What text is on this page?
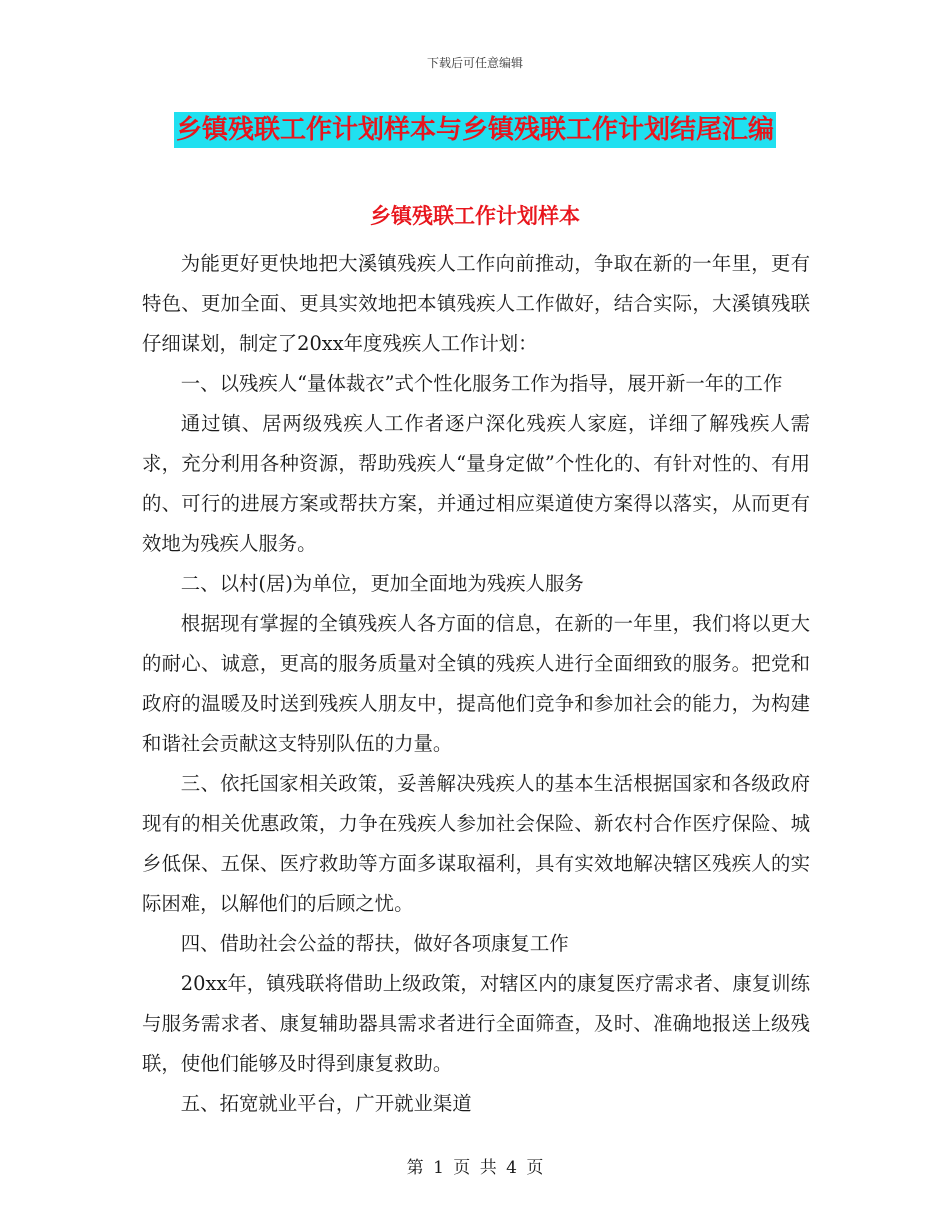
下载后可任意编辑
乡镇残联工作计划样本与乡镇残联工作计划结尾汇编
乡镇残联工作计划样本

为能更好更快地把大溪镇残疾人工作向前推动，争取在新的一年里，更有特色、更加全面、更具实效地把本镇残疾人工作做好，结合实际，大溪镇残联仔细谋划，制定了20xx年度残疾人工作计划：

一、以残疾人“量体裁衣”式个性化服务工作为指导，展开新一年的工作

通过镇、居两级残疾人工作者逐户深化残疾人家庭，详细了解残疾人需求，充分利用各种资源，帮助残疾人“量身定做”个性化的、有针对性的、有用的、可行的进展方案或帮扶方案，并通过相应渠道使方案得以落实，从而更有效地为残疾人服务。

二、以村(居)为单位，更加全面地为残疾人服务

根据现有掌握的全镇残疾人各方面的信息，在新的一年里，我们将以更大的耐心、诚意，更高的服务质量对全镇的残疾人进行全面细致的服务。把党和政府的温暖及时送到残疾人朋友中，提高他们竞争和参加社会的能力，为构建和谐社会贡献这支特别队伍的力量。

三、依托国家相关政策，妥善解决残疾人的基本生活根据国家和各级政府现有的相关优惠政策，力争在残疾人参加社会保险、新农村合作医疗保险、城乡低保、五保、医疗救助等方面多谋取福利，具有实效地解决辖区残疾人的实际困难，以解他们的后顾之忧。

四、借助社会公益的帮扶，做好各项康复工作

20xx年，镇残联将借助上级政策，对辖区内的康复医疗需求者、康复训练与服务需求者、康复辅助器具需求者进行全面筛查，及时、准确地报送上级残联，使他们能够及时得到康复救助。

五、拓宽就业平台，广开就业渠道

第 1 页 共 4 页
